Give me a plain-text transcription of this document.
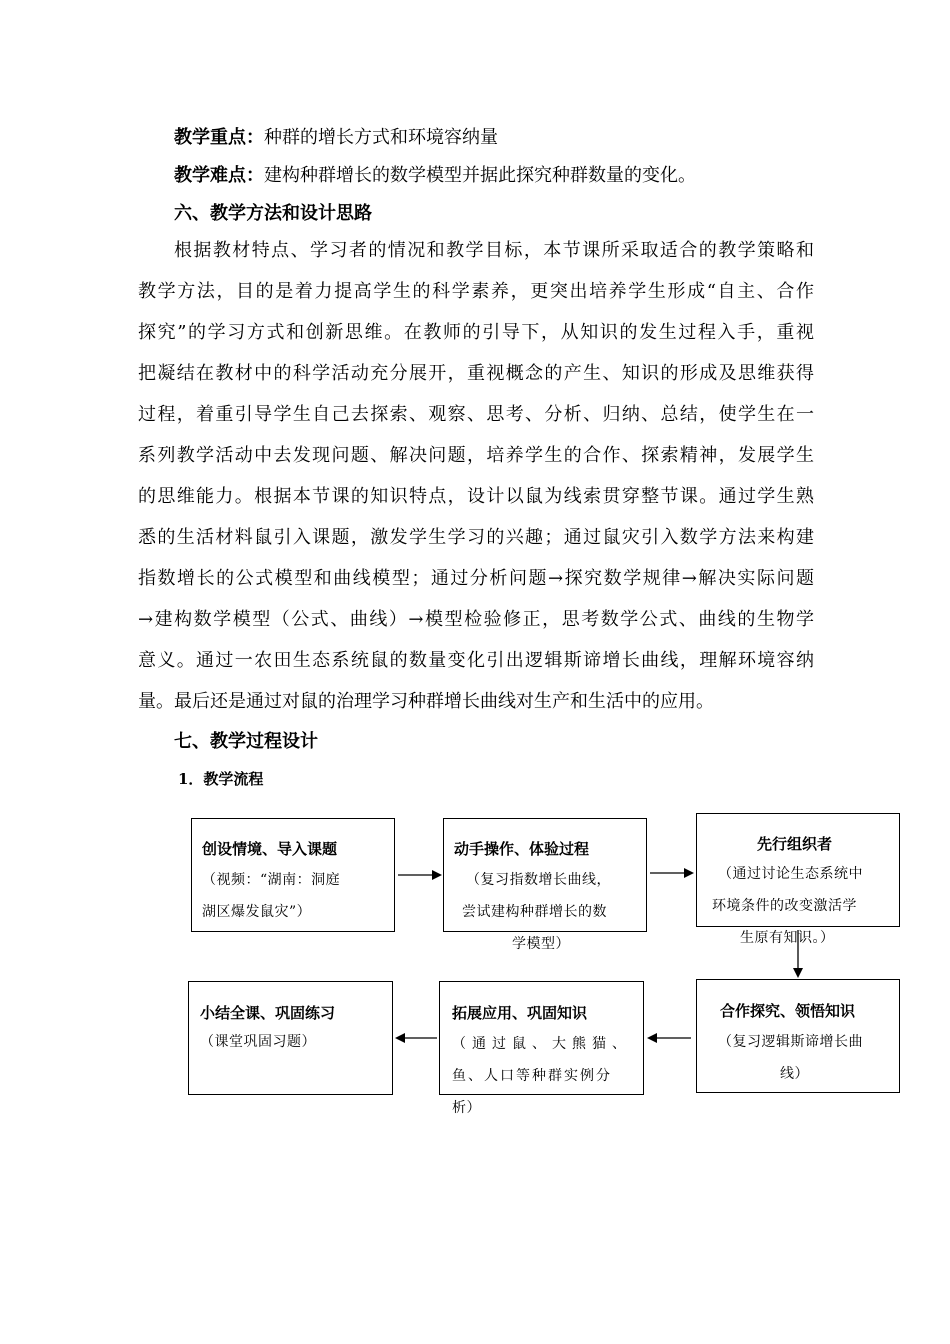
教学重点：种群的增长方式和环境容纳量
教学难点：建构种群增长的数学模型并据此探究种群数量的变化。
六、教学方法和设计思路
根据教材特点、学习者的情况和教学目标，本节课所采取适合的教学策略和
教学方法，目的是着力提高学生的科学素养，更突出培养学生形成“自主、合作
探究”的学习方式和创新思维。在教师的引导下，从知识的发生过程入手，重视
把凝结在教材中的科学活动充分展开，重视概念的产生、知识的形成及思维获得
过程，着重引导学生自己去探索、观察、思考、分析、归纳、总结，使学生在一
系列教学活动中去发现问题、解决问题，培养学生的合作、探索精神，发展学生
的思维能力。根据本节课的知识特点，设计以鼠为线索贯穿整节课。通过学生熟
悉的生活材料鼠引入课题，激发学生学习的兴趣；通过鼠灾引入数学方法来构建
指数增长的公式模型和曲线模型；通过分析问题→探究数学规律→解决实际问题
→建构数学模型（公式、曲线）→模型检验修正，思考数学公式、曲线的生物学
意义。通过一农田生态系统鼠的数量变化引出逻辑斯谛增长曲线，理解环境容纳
量。最后还是通过对鼠的治理学习种群增长曲线对生产和生活中的应用。
七、教学过程设计
1．教学流程
创设情境、导入课题
（视频：“湖南：洞庭
湖区爆发鼠灾”）
动手操作、体验过程
（复习指数增长曲线，
尝试建构种群增长的数
学模型）
先行组织者
（通过讨论生态系统中
环境条件的改变激活学
生原有知识。）
合作探究、领悟知识
（复习逻辑斯谛增长曲
线）
拓展应用、巩固知识
（通过鼠、大熊猫、
鱼、人口等种群实例分
析）
小结全课、巩固练习
（课堂巩固习题）
